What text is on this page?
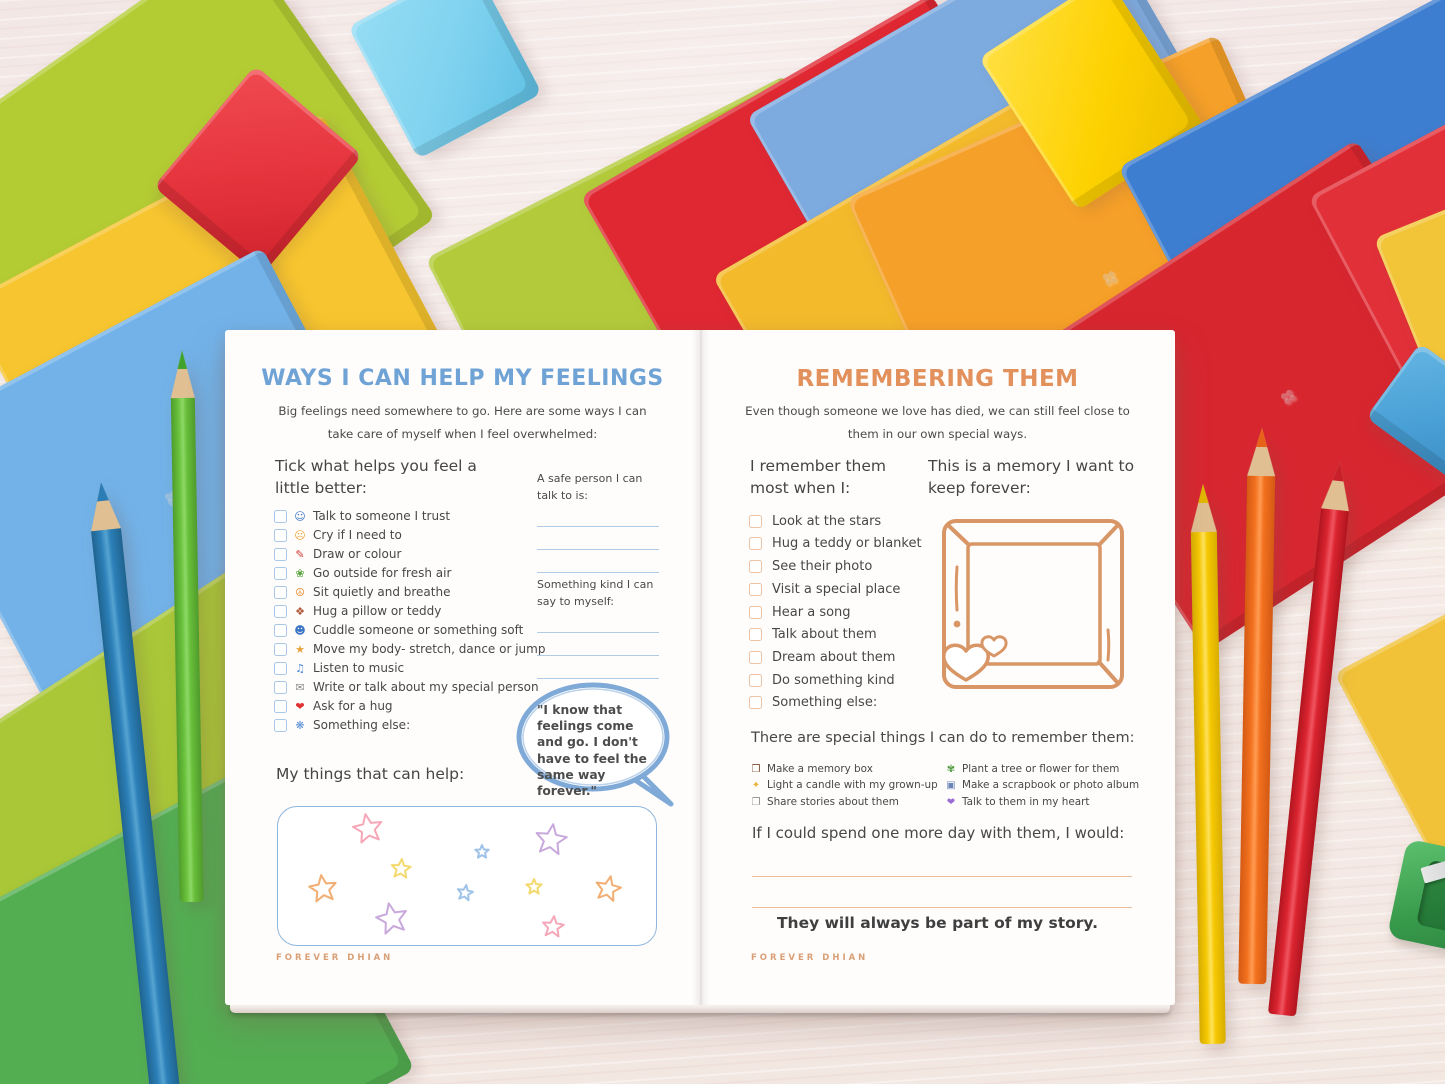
WAYS I CAN HELP MY FEELINGS
Big feelings need somewhere to go. Here are some ways I can take care of myself when I feel overwhelmed:
Tick what helps you feel a little better:
☺ Talk to someone I trust
☹ Cry if I need to
✎ Draw or colour
❀ Go outside for fresh air
☮ Sit quietly and breathe
❖ Hug a pillow or teddy
☻ Cuddle someone or something soft
★ Move my body- stretch, dance or jump
♫ Listen to music
✉ Write or talk about my special person
❤ Ask for a hug
❋ Something else:
A safe person I can talk to is:
Something kind I can say to myself:
"I know that feelings come and go. I don't have to feel the same way forever."
My things that can help:
FOREVER DHIAN
REMEMBERING THEM
Even though someone we love has died, we can still feel close to them in our own special ways.
I remember them most when I:
This is a memory I want to keep forever:
Look at the stars
Hug a teddy or blanket
See their photo
Visit a special place
Hear a song
Talk about them
Dream about them
Do something kind
Something else:
There are special things I can do to remember them:
❒ Make a memory box
✦ Light a candle with my grown-up
❐ Share stories about them
✾ Plant a tree or flower for them
▣ Make a scrapbook or photo album
❤ Talk to them in my heart
If I could spend one more day with them, I would:
They will always be part of my story.
FOREVER DHIAN
